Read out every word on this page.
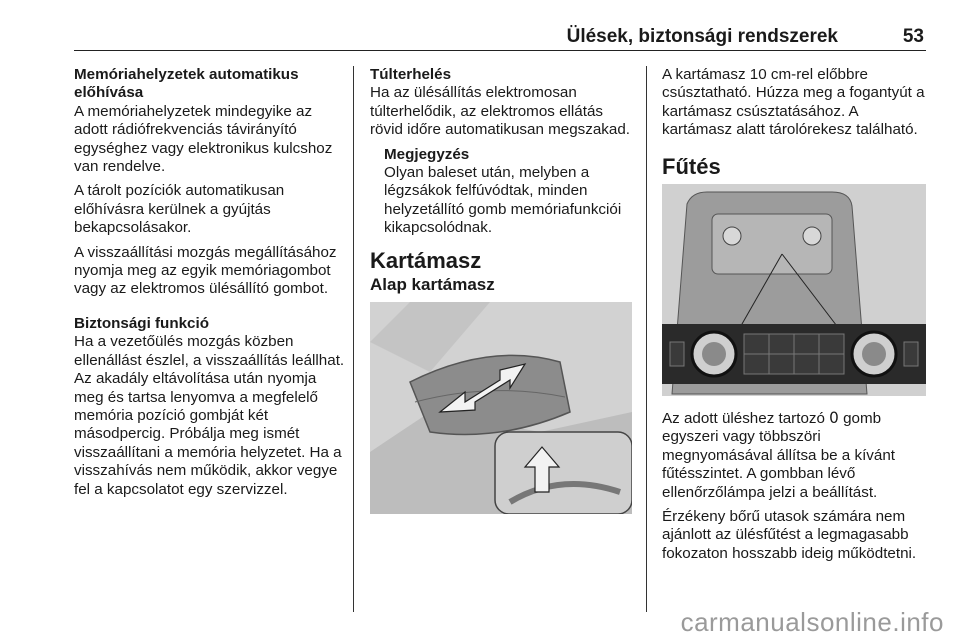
Ülések, biztonsági rendszerek	53

Memóriahelyzetek automatikus előhívása

A memóriahelyzetek mindegyike az adott rádiófrekvenciás távirányító egységhez vagy elektronikus kulcshoz van rendelve.

A tárolt pozíciók automatikusan előhívásra kerülnek a gyújtás bekapcsolásakor.

A visszaállítási mozgás megállításához nyomja meg az egyik memóriagombot vagy az elektromos ülésállító gombot.

Biztonsági funkció

Ha a vezetőülés mozgás közben ellenállást észlel, a visszaállítás leállhat. Az akadály eltávolítása után nyomja meg és tartsa lenyomva a megfelelő memória pozíció gombját két másodpercig. Próbálja meg ismét visszaállítani a memória helyzetet. Ha a visszahívás nem működik, akkor vegye fel a kapcsolatot egy szervizzel.

Túlterhelés

Ha az ülésállítás elektromosan túlterhelődik, az elektromos ellátás rövid időre automatikusan megszakad.

Megjegyzés

Olyan baleset után, melyben a légzsákok felfúvódtak, minden helyzetállító gomb memóriafunkciói kikapcsolódnak.

Kartámasz
Alap kartámasz

A kartámasz 10 cm-rel előbbre csúsztatható. Húzza meg a fogantyút a kartámasz csúsztatásához. A kartámasz alatt tárolórekesz található.

Fűtés

Az adott üléshez tartozó ߀ gomb egyszeri vagy többszöri megnyomásával állítsa be a kívánt fűtésszintet. A gombban lévő ellenőrzőlámpa jelzi a beállítást.

Érzékeny bőrű utasok számára nem ajánlott az ülésfűtést a legmagasabb fokozaton hosszabb ideig működtetni.

carmanualsonline.info
